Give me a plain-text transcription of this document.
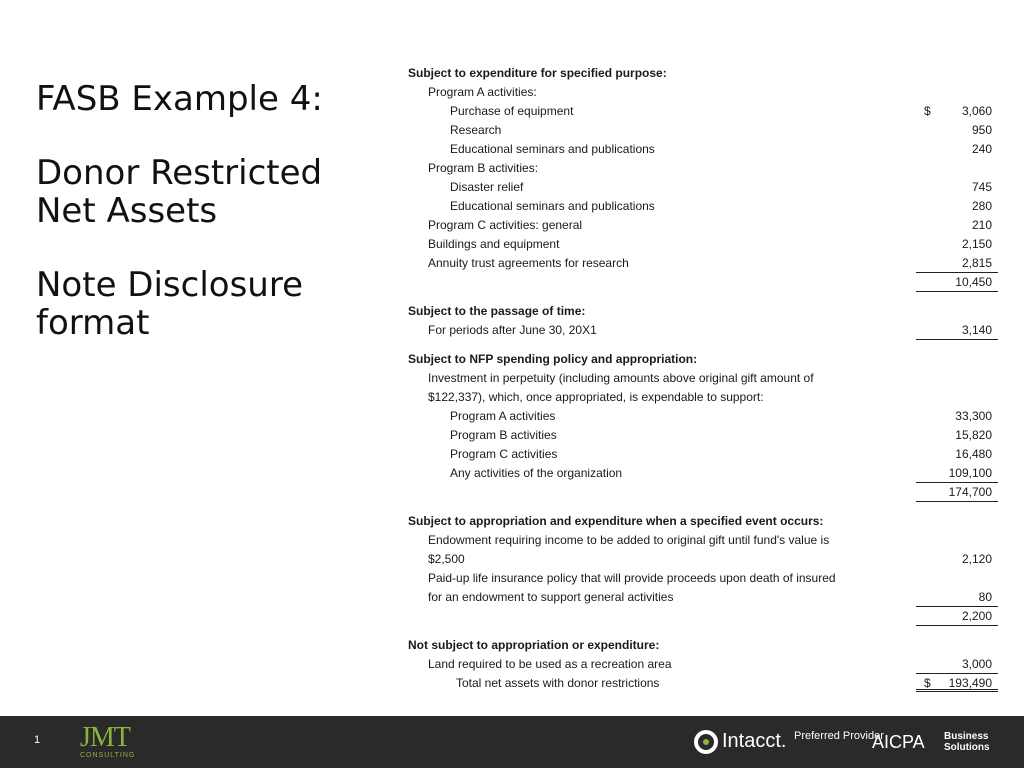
FASB Example 4:
Donor Restricted
Net Assets
Note Disclosure
format
Subject to expenditure for specified purpose:
Program A activities:
Purchase of equipment	$	3,060
Research	950
Educational seminars and publications	240
Program B activities:
Disaster relief	745
Educational seminars and publications	280
Program C activities: general	210
Buildings and equipment	2,150
Annuity trust agreements for research	2,815
10,450
Subject to the passage of time:
For periods after June 30, 20X1	3,140
Subject to NFP spending policy and appropriation:
Investment in perpetuity (including amounts above original gift amount of
$122,337), which, once appropriated, is expendable to support:
Program A activities	33,300
Program B activities	15,820
Program C activities	16,480
Any activities of the organization	109,100
174,700
Subject to appropriation and expenditure when a specified event occurs:
Endowment requiring income to be added to original gift until fund's value is
$2,500	2,120
Paid-up life insurance policy that will provide proceeds upon death of insured
for an endowment to support general activities	80
2,200
Not subject to appropriation or expenditure:
Land required to be used as a recreation area	3,000
Total net assets with donor restrictions	$ 193,490
1 JMT
CONSULTING
Intacct. Preferred Provider
AICPA Business
Solutions
